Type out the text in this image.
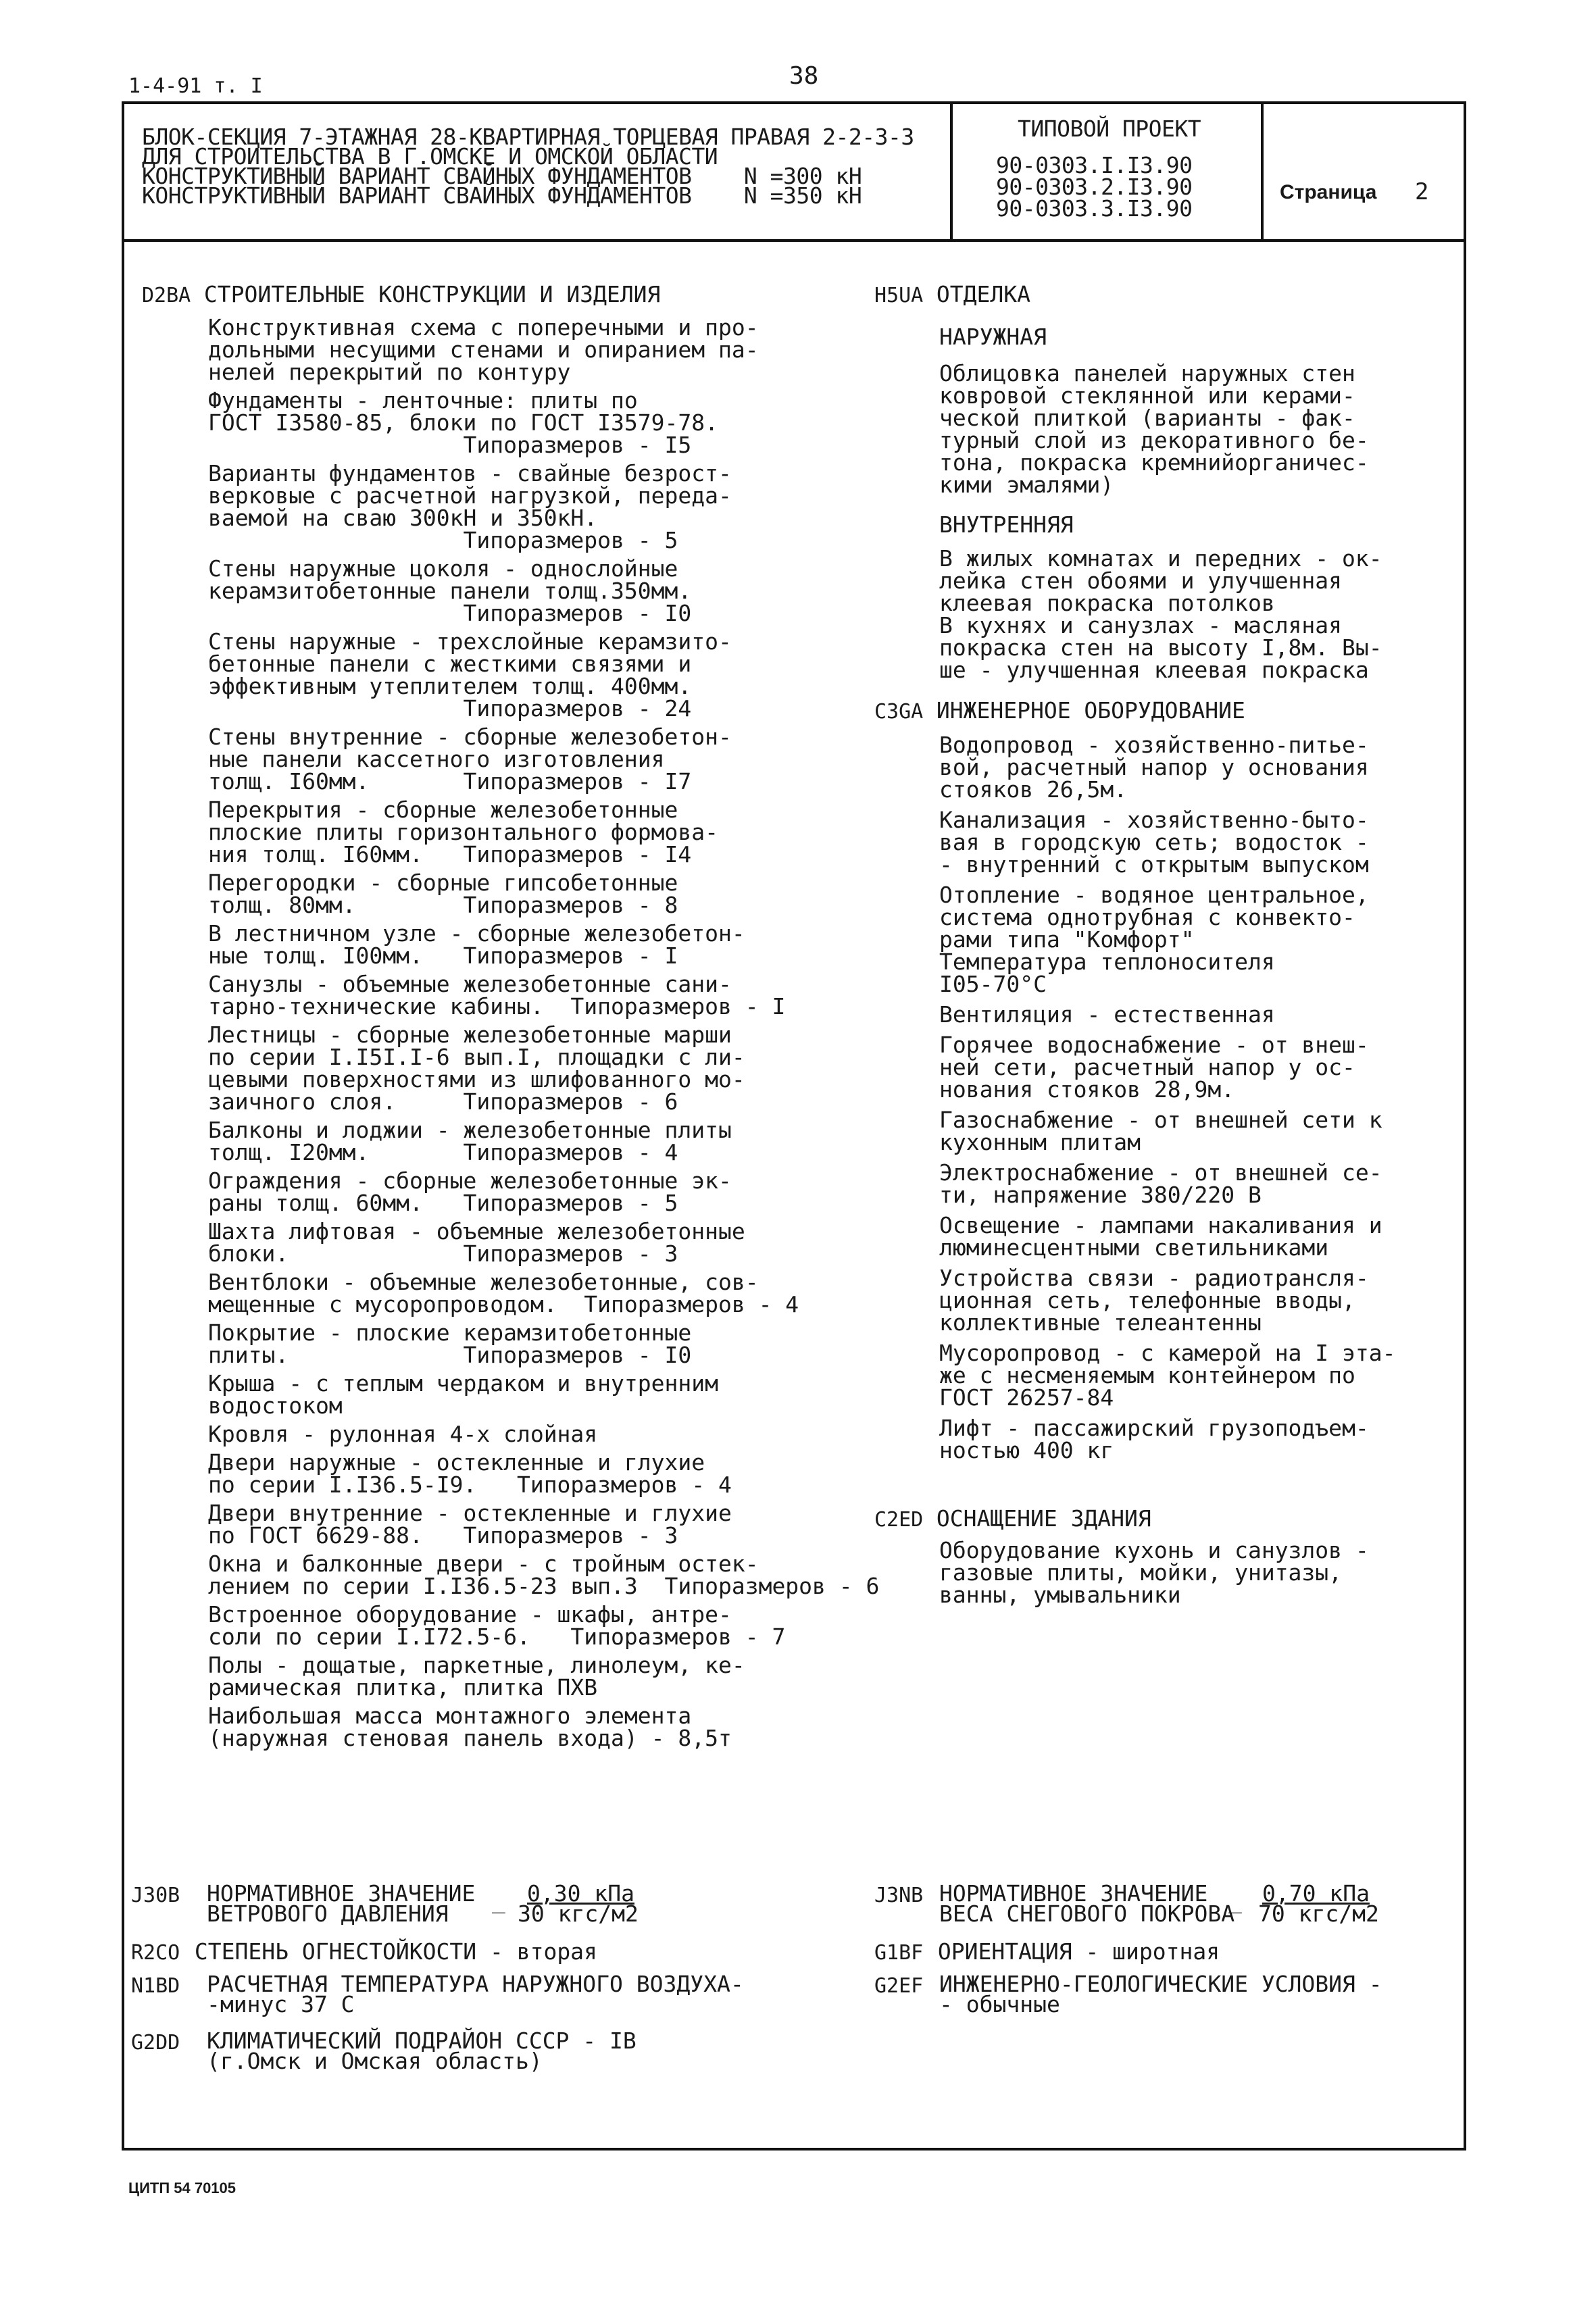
1-4-91 т. I	38
БЛОК-СЕКЦИЯ 7-ЭТАЖНАЯ 28-КВАРТИРНАЯ ТОРЦЕВАЯ ПРАВАЯ 2-2-3-3
ДЛЯ СТРОИТЕЛЬСТВА В Г.ОМСКЕ И ОМСКОЙ ОБЛАСТИ
КОНСТРУКТИВНЫЙ ВАРИАНТ СВАЙНЫХ ФУНДАМЕНТОВ    N =300 кН
КОНСТРУКТИВНЫЙ ВАРИАНТ СВАЙНЫХ ФУНДАМЕНТОВ    N =350 кН
ТИПОВОЙ ПРОЕКТ
90-0303.I.I3.90
90-0303.2.I3.90
90-0303.3.I3.90
Страница 2
D2BA СТРОИТЕЛЬНЫЕ КОНСТРУКЦИИ И ИЗДЕЛИЯ
Конструктивная схема с поперечными и про-
дольными несущими стенами и опиранием па-
нелей перекрытий по контуру
Фундаменты - ленточные: плиты по
ГОСТ I3580-85, блоки по ГОСТ I3579-78.
Типоразмеров - I5
Варианты фундаментов - свайные безрост-
верковые с расчетной нагрузкой, переда-
ваемой на сваю 300кН и 350кН.
Типоразмеров - 5
Стены наружные цоколя - однослойные
керамзитобетонные панели толщ.350мм.
Типоразмеров - I0
Стены наружные - трехслойные керамзито-
бетонные панели с жесткими связями и
эффективным утеплителем толщ. 400мм.
Типоразмеров - 24
Стены внутренние - сборные железобетон-
ные панели кассетного изготовления
толщ. I60мм.       Типоразмеров - I7
Перекрытия - сборные железобетонные
плоские плиты горизонтального формова-
ния толщ. I60мм.   Типоразмеров - I4
Перегородки - сборные гипсобетонные
толщ. 80мм.        Типоразмеров - 8
В лестничном узле - сборные железобетон-
ные толщ. I00мм.   Типоразмеров - I
Санузлы - объемные железобетонные сани-
тарно-технические кабины.  Типоразмеров - I
Лестницы - сборные железобетонные марши
по серии I.I5I.I-6 вып.I, площадки с ли-
цевыми поверхностями из шлифованного мо-
заичного слоя.     Типоразмеров - 6
Балконы и лоджии - железобетонные плиты
толщ. I20мм.       Типоразмеров - 4
Ограждения - сборные железобетонные эк-
раны толщ. 60мм.   Типоразмеров - 5
Шахта лифтовая - объемные железобетонные
блоки.             Типоразмеров - 3
Вентблоки - объемные железобетонные, сов-
мещенные с мусоропроводом.  Типоразмеров - 4
Покрытие - плоские керамзитобетонные
плиты.             Типоразмеров - I0
Крыша - с теплым чердаком и внутренним
водостоком
Кровля - рулонная 4-х слойная
Двери наружные - остекленные и глухие
по серии I.I36.5-I9.   Типоразмеров - 4
Двери внутренние - остекленные и глухие
по ГОСТ 6629-88.   Типоразмеров - 3
Окна и балконные двери - с тройным остек-
лением по серии I.I36.5-23 вып.3  Типоразмеров - 6
Встроенное оборудование - шкафы, антре-
соли по серии I.I72.5-6.   Типоразмеров - 7
Полы - дощатые, паркетные, линолеум, ке-
рамическая плитка, плитка ПХВ
Наибольшая масса монтажного элемента
(наружная стеновая панель входа) - 8,5т
H5UA ОТДЕЛКА
НАРУЖНАЯ
Облицовка панелей наружных стен
ковровой стеклянной или керами-
ческой плиткой (варианты - фак-
турный слой из декоративного бе-
тона, покраска кремнийорганичес-
кими эмалями)
ВНУТРЕННЯЯ
В жилых комнатах и передних - ок-
лейка стен обоями и улучшенная
клеевая покраска потолков
В кухнях и санузлах - масляная
покраска стен на высоту I,8м. Вы-
ше - улучшенная клеевая покраска
C3GA ИНЖЕНЕРНОЕ ОБОРУДОВАНИЕ
Водопровод - хозяйственно-питье-
вой, расчетный напор у основания
стояков 26,5м.
Канализация - хозяйственно-быто-
вая в городскую сеть; водосток -
- внутренний с открытым выпуском
Отопление - водяное центральное,
система однотрубная с конвекто-
рами типа "Комфорт"
Температура теплоносителя
I05-70°С
Вентиляция - естественная
Горячее водоснабжение - от внеш-
ней сети, расчетный напор у ос-
нования стояков 28,9м.
Газоснабжение - от внешней сети к
кухонным плитам
Электроснабжение - от внешней се-
ти, напряжение 380/220 В
Освещение - лампами накаливания и
люминесцентными светильниками
Устройства связи - радиотрансля-
ционная сеть, телефонные вводы,
коллективные телеантенны
Мусоропровод - с камерой на I эта-
же с несменяемым контейнером по
ГОСТ 26257-84
Лифт - пассажирский грузоподъем-
ностью 400 кг
C2ED ОСНАЩЕНИЕ ЗДАНИЯ
Оборудование кухонь и санузлов -
газовые плиты, мойки, унитазы,
ванны, умывальники
J30B НОРМАТИВНОЕ ЗНАЧЕНИЕ
ВЕТРОВОГО ДАВЛЕНИЯ
_ 0,30 кПа
30 кгс/м2
J3NB НОРМАТИВНОЕ ЗНАЧЕНИЕ
ВЕСА СНЕГОВОГО ПОКРОВА
_ 0,70 кПа
70 кгс/м2
R2CO СТЕПЕНЬ ОГНЕСТОЙКОСТИ - вторая	G1BF ОРИЕНТАЦИЯ - широтная
N1BD РАСЧЕТНАЯ ТЕМПЕРАТУРА НАРУЖНОГО ВОЗДУХА-
-минус 37 С
G2EF ИНЖЕНЕРНО-ГЕОЛОГИЧЕСКИЕ УСЛОВИЯ -
- обычные
G2DD КЛИМАТИЧЕСКИЙ ПОДРАЙОН СССР - IВ
(г.Омск и Омская область)
ЦИТП 54 70105
